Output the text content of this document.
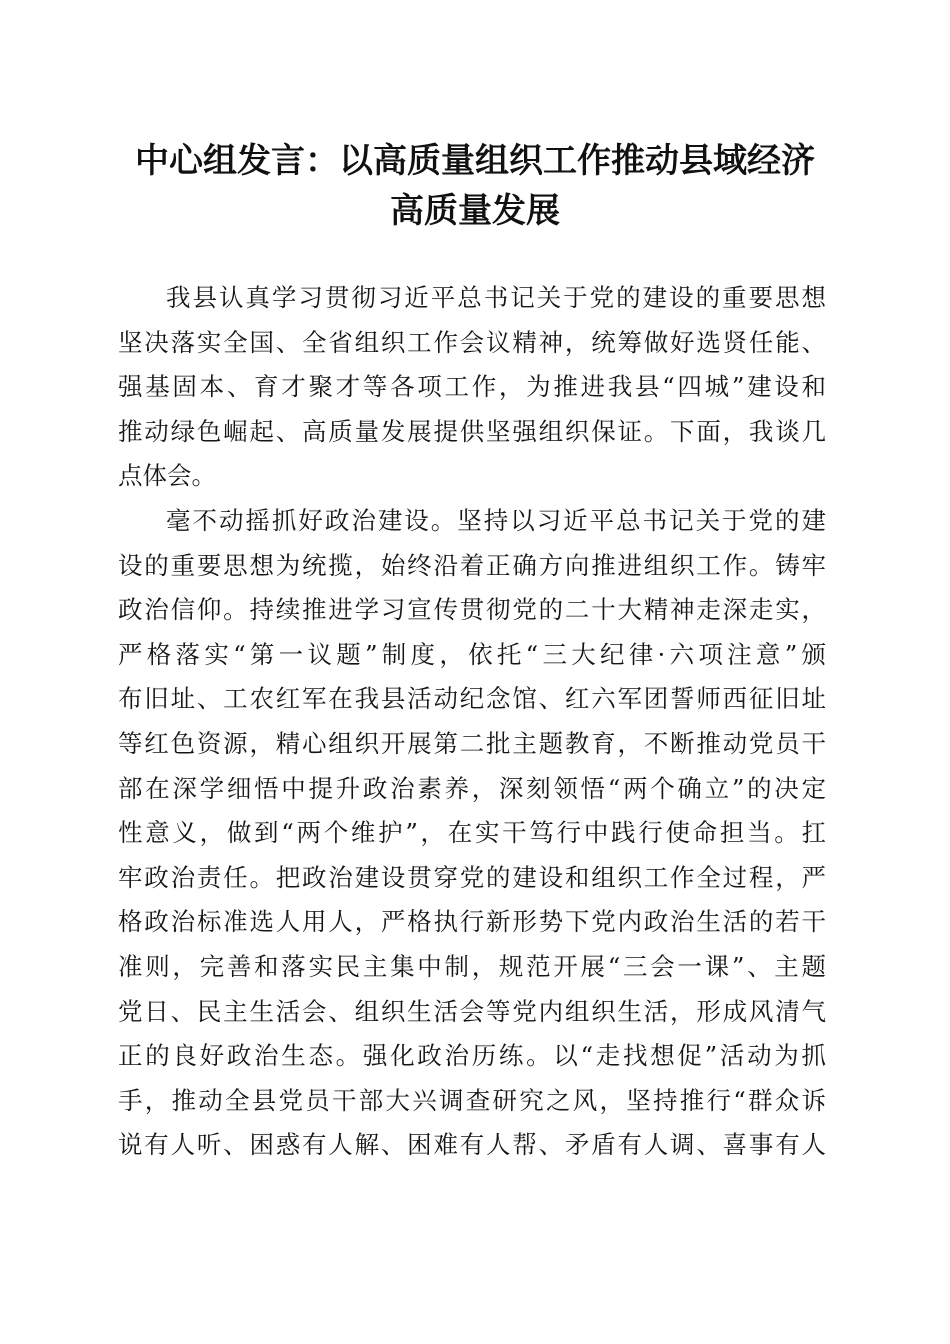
中心组发言：以高质量组织工作推动县域经济
高质量发展

我县认真学习贯彻习近平总书记关于党的建设的重要思想
坚决落实全国、全省组织工作会议精神，统筹做好选贤任能、
强基固本、育才聚才等各项工作，为推进我县“四城”建设和
推动绿色崛起、高质量发展提供坚强组织保证。下面，我谈几
点体会。

毫不动摇抓好政治建设。坚持以习近平总书记关于党的建
设的重要思想为统揽，始终沿着正确方向推进组织工作。铸牢
政治信仰。持续推进学习宣传贯彻党的二十大精神走深走实，
严格落实“第一议题”制度，依托“三大纪律·六项注意”颁
布旧址、工农红军在我县活动纪念馆、红六军团誓师西征旧址
等红色资源，精心组织开展第二批主题教育，不断推动党员干
部在深学细悟中提升政治素养，深刻领悟“两个确立”的决定
性意义，做到“两个维护”，在实干笃行中践行使命担当。扛
牢政治责任。把政治建设贯穿党的建设和组织工作全过程，严
格政治标准选人用人，严格执行新形势下党内政治生活的若干
准则，完善和落实民主集中制，规范开展“三会一课”、主题
党日、民主生活会、组织生活会等党内组织生活，形成风清气
正的良好政治生态。强化政治历练。以“走找想促”活动为抓
手，推动全县党员干部大兴调查研究之风，坚持推行“群众诉
说有人听、困惑有人解、困难有人帮、矛盾有人调、喜事有人
